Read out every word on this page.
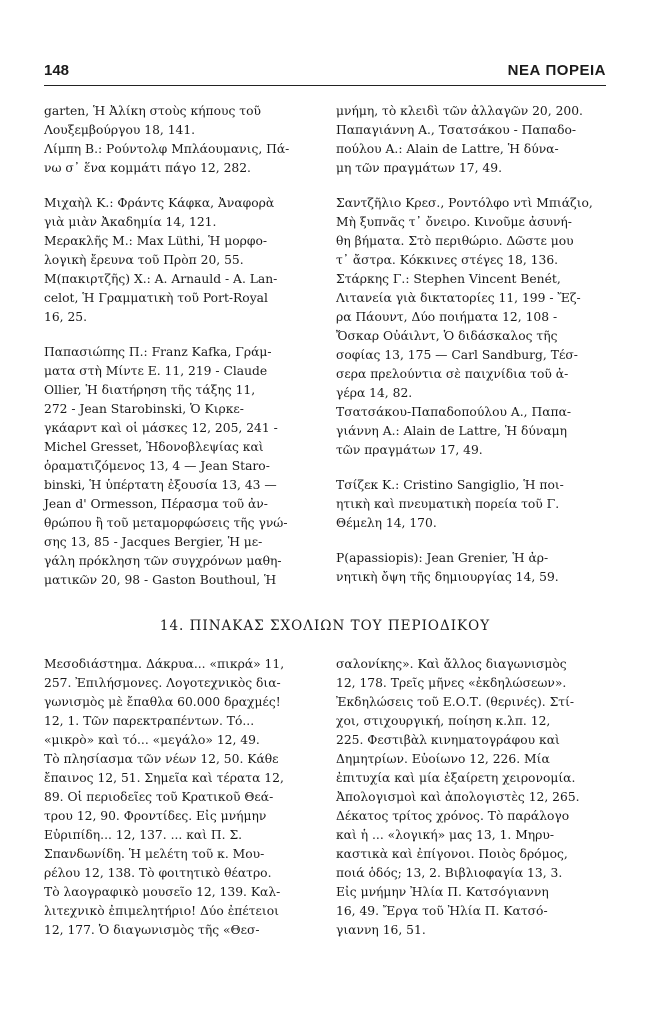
148	ΝΕΑ ΠΟΡΕΙΑ
garten, Ἡ Ἀλίκη στοὺς κήπους τοῦ
Λουξεμβούργου 18, 141.
Λίμπη Β.: Ρούντολφ Μπλάουμανις, Πά-
νω σ᾽ ἕνα κομμάτι πάγο 12, 282.
Μιχαὴλ Κ.: Φράντς Κάφκα, Ἀναφορὰ
γιὰ μιὰν Ἀκαδημία 14, 121.
Μερακλῆς Μ.: Max Lüthi, Ἡ μορφο-
λογικὴ ἔρευνα τοῦ Πρὸπ 20, 55.
Μ(πακιρτζῆς) Χ.: A. Arnauld - A. Lan-
celot, Ἡ Γραμματικὴ τοῦ Port-Royal
16, 25.
Παπασιώπης Π.: Franz Kafka, Γράμ-
ματα στὴ Μίντε Ε. 11, 219 - Claude
Ollier, Ἡ διατήρηση τῆς τάξης 11,
272 - Jean Starobinski, Ὁ Κιρκε-
γκάαρντ καὶ οἱ μάσκες 12, 205, 241 -
Michel Gresset, Ἡδονοβλεψίας καὶ
ὁραματιζόμενος 13, 4 — Jean Staro-
binski, Ἡ ὑπέρτατη ἐξουσία 13, 43 —
Jean d' Ormesson, Πέρασμα τοῦ ἀν-
θρώπου ἢ τοῦ μεταμορφώσεις τῆς γνώ-
σης 13, 85 - Jacques Bergier, Ἡ με-
γάλη πρόκληση τῶν συγχρόνων μαθη-
ματικῶν 20, 98 - Gaston Bouthoul, Ἡ
μνήμη, τὸ κλειδὶ τῶν ἀλλαγῶν 20, 200.
Παπαγιάννη Α., Τσατσάκου - Παπαδο-
πούλου Α.: Alain de Lattre, Ἡ δύνα-
μη τῶν πραγμάτων 17, 49.
Σαντζῆλιο Κρεσ., Ροντόλφο ντὶ Μπιάζιο,
Μὴ ξυπνᾶς τ᾽ ὄνειρο. Κινοῦμε ἀσυνή-
θη βήματα. Στὸ περιθώριο. Δῶστε μου
τ᾽ ἄστρα. Κόκκινες στέγες 18, 136.
Στάρκης Γ.: Stephen Vincent Benét,
Λιτανεία γιὰ δικτατορίες 11, 199 - Ἔζ-
ρα Πάουντ, Δύο ποιήματα 12, 108 -
Ὄσκαρ Οὐάιλντ, Ὁ διδάσκαλος τῆς
σοφίας 13, 175 — Carl Sandburg, Τέσ-
σερα πρελούντια σὲ παιχνίδια τοῦ ἀ-
γέρα 14, 82.
Τσατσάκου-Παπαδοπούλου Α., Παπα-
γιάννη Α.: Alain de Lattre, Ἡ δύναμη
τῶν πραγμάτων 17, 49.
Τσίζεκ Κ.: Cristino Sangiglio, Ἡ ποι-
ητικὴ καὶ πνευματικὴ πορεία τοῦ Γ.
Θέμελη 14, 170.
P(apassiopis): Jean Grenier, Ἡ ἀρ-
νητικὴ ὄψη τῆς δημιουργίας 14, 59.
14. ΠΙΝΑΚΑΣ ΣΧΟΛΙΩΝ ΤΟΥ ΠΕΡΙΟΔΙΚΟΥ
Μεσοδιάστημα. Δάκρυα... «πικρά» 11,
257. Ἐπιλήσμονες. Λογοτεχνικὸς δια-
γωνισμὸς μὲ ἔπαθλα 60.000 δραχμές!
12, 1. Τῶν παρεκτραπέντων. Τό...
«μικρὸ» καὶ τό... «μεγάλο» 12, 49.
Τὸ πλησίασμα τῶν νέων 12, 50. Κάθε
ἔπαινος 12, 51. Σημεῖα καὶ τέρατα 12,
89. Οἱ περιοδεῖες τοῦ Κρατικοῦ Θεά-
τρου 12, 90. Φροντίδες. Εἰς μνήμην
Εὐριπίδη... 12, 137. ... καὶ Π. Σ.
Σπανδωνίδη. Ἡ μελέτη τοῦ κ. Μου-
ρέλου 12, 138. Τὸ φοιτητικὸ θέατρο.
Τὸ λαογραφικὸ μουσεῖο 12, 139. Καλ-
λιτεχνικὸ ἐπιμελητήριο! Δύο ἐπέτειοι
12, 177. Ὁ διαγωνισμὸς τῆς «Θεσ-
σαλονίκης». Καὶ ἄλλος διαγωνισμὸς
12, 178. Τρεῖς μῆνες «ἐκδηλώσεων».
Ἐκδηλώσεις τοῦ Ε.Ο.Τ. (θερινές). Στί-
χοι, στιχουργική, ποίηση κ.λπ. 12,
225. Φεστιβὰλ κινηματογράφου καὶ
Δημητρίων. Εὐοίωνο 12, 226. Μία
ἐπιτυχία καὶ μία ἐξαίρετη χειρονομία.
Ἀπολογισμοὶ καὶ ἀπολογιστὲς 12, 265.
Δέκατος τρίτος χρόνος. Τὸ παράλογο
καὶ ἡ ... «λογική» μας 13, 1. Μηρυ-
καστικὰ καὶ ἐπίγονοι. Ποιὸς δρόμος,
ποιά ὁδός; 13, 2. Βιβλιοφαγία 13, 3.
Εἰς μνήμην Ἠλία Π. Κατσόγιαννη
16, 49. Ἔργα τοῦ Ἠλία Π. Κατσό-
γιαννη 16, 51.
